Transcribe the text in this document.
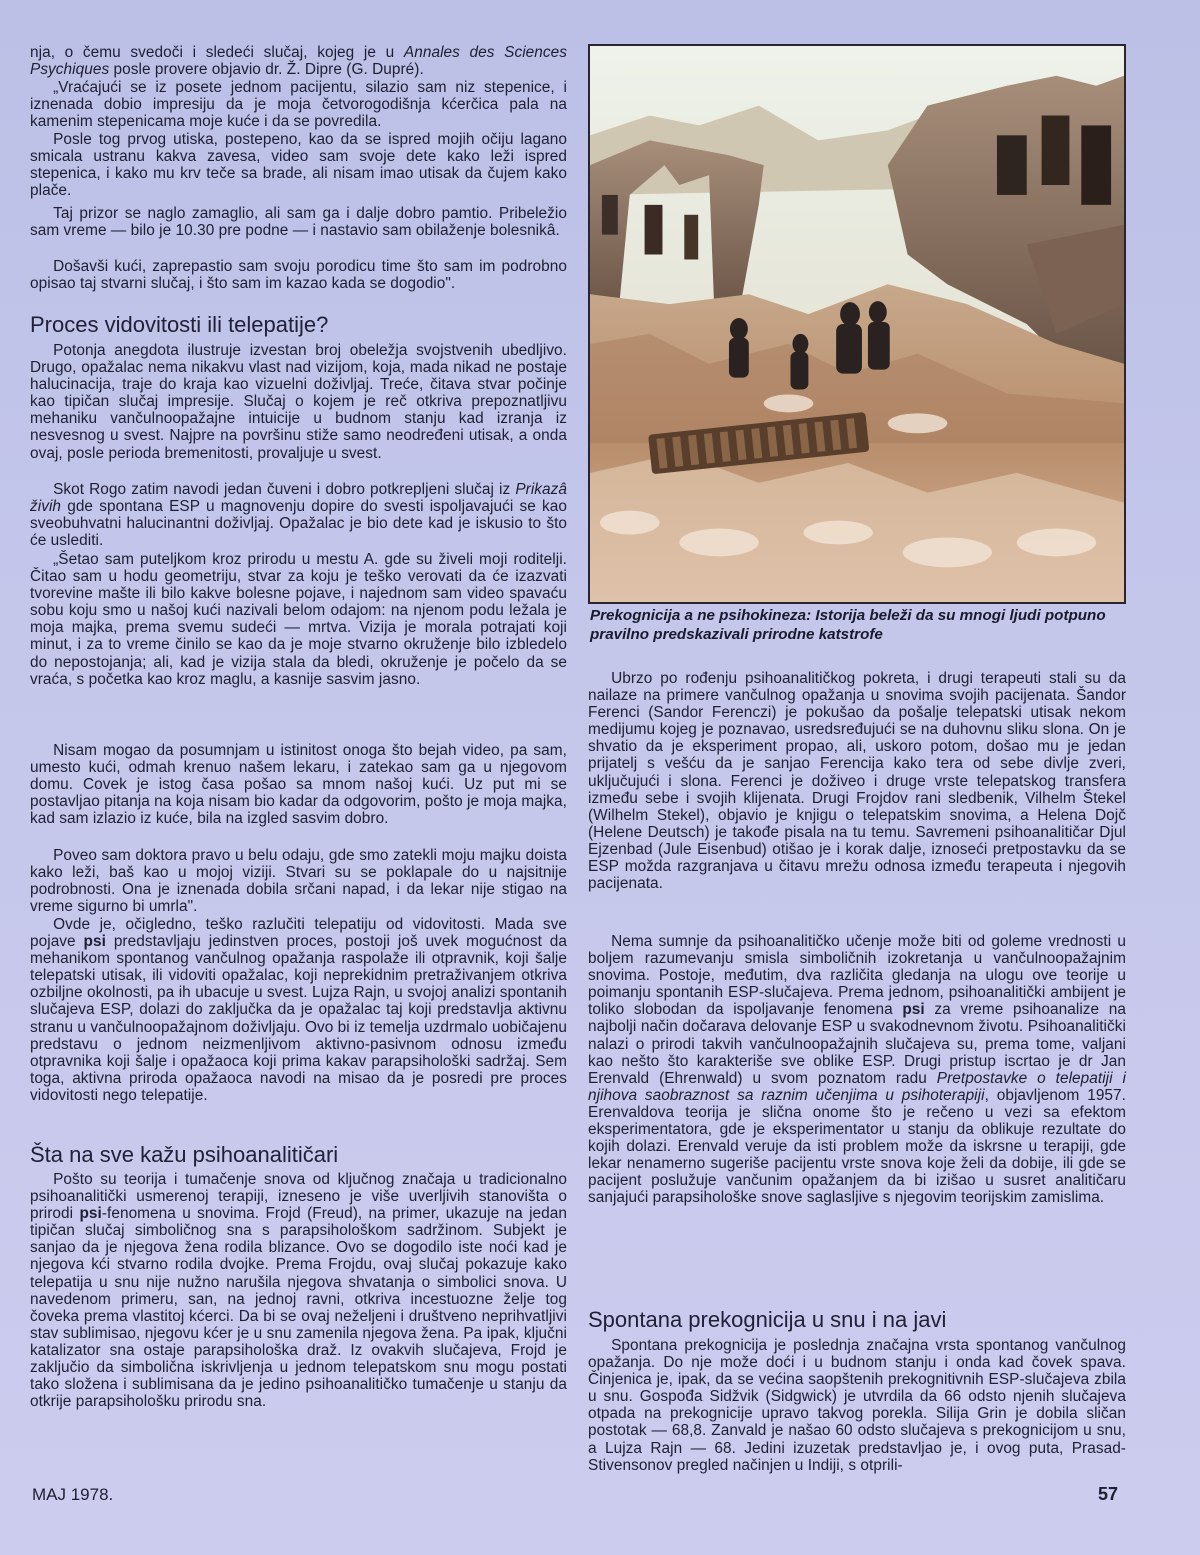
nja, o čemu svedoči i sledeći slučaj, kojeg je u Annales des Sciences Psychiques posle provere objavio dr. Ž. Dipre (G. Dupré).

„Vraćajući se iz posete jednom pacijentu, silazio sam niz stepenice, i iznenada dobio impresiju da je moja četvorogodišnja kćerčica pala na kamenim stepenicama moje kuće i da se povredila.

Posle tog prvog utiska, postepeno, kao da se ispred mojih očiju lagano smicala ustranu kakva zavesa, video sam svoje dete kako leži ispred stepenica, i kako mu krv teče sa brade, ali nisam imao utisak da čujem kako plače.

Taj prizor se naglo zamaglio, ali sam ga i dalje dobro pamtio. Pribeležio sam vreme — bilo je 10.30 pre podne — i nastavio sam obilaženje bolesnikâ.

Došavši kući, zaprepastio sam svoju porodicu time što sam im podrobno opisao taj stvarni slučaj, i što sam im kazao kada se dogodio".

Proces vidovitosti ili telepatije?

Potonja anegdota ilustruje izvestan broj obeležja svojstvenih ubedljivo. Drugo, opažalac nema nikakvu vlast nad vizijom, koja, mada nikad ne postaje halucinacija, traje do kraja kao vizuelni doživljaj. Treće, čitava stvar počinje kao tipičan slučaj impresije. Slučaj o kojem je reč otkriva prepoznatljivu mehaniku vančulnoopažajne intuicije u budnom stanju kad izranja iz nesvesnog u svest. Najpre na površinu stiže samo neodređeni utisak, a onda ovaj, posle perioda bremenitosti, provaljuje u svest.

Skot Rogo zatim navodi jedan čuveni i dobro potkrepljeni slučaj iz Prikazâ živih gde spontana ESP u magnovenju dopire do svesti ispoljavajući se kao sveobuhvatni halucinantni doživljaj. Opažalac je bio dete kad je iskusio to što će uslediti.

„Šetao sam puteljkom kroz prirodu u mestu A. gde su živeli moji roditelji. Čitao sam u hodu geometriju, stvar za koju je teško verovati da će izazvati tvorevine mašte ili bilo kakve bolesne pojave, i najednom sam video spavaću sobu koju smo u našoj kući nazivali belom odajom: na njenom podu ležala je moja majka, prema svemu sudeći — mrtva. Vizija je morala potrajati koji minut, i za to vreme činilo se kao da je moje stvarno okruženje bilo izbledelo do nepostojanja; ali, kad je vizija stala da bledi, okruženje je počelo da se vraća, s početka kao kroz maglu, a kasnije sasvim jasno.

Nisam mogao da posumnjam u istinitost onoga što bejah video, pa sam, umesto kući, odmah krenuo našem lekaru, i zatekao sam ga u njegovom domu. Covek je istog časa pošao sa mnom našoj kući. Uz put mi se postavljao pitanja na koja nisam bio kadar da odgovorim, pošto je moja majka, kad sam izlazio iz kuće, bila na izgled sasvim dobro.

Poveo sam doktora pravo u belu odaju, gde smo zatekli moju majku doista kako leži, baš kao u mojoj viziji. Stvari su se poklapale do u najsitnije podrobnosti. Ona je iznenada dobila srčani napad, i da lekar nije stigao na vreme sigurno bi umrla".

Ovde je, očigledno, teško razlučiti telepatiju od vidovitosti. Mada sve pojave psi predstavljaju jedinstven proces, postoji još uvek mogućnost da mehanikom spontanog vančulnog opažanja raspolaže ili otpravnik, koji šalje telepatski utisak, ili vidoviti opažalac, koji neprekidnim pretraživanjem otkriva ozbiljne okolnosti, pa ih ubacuje u svest. Lujza Rajn, u svojoj analizi spontanih slučajeva ESP, dolazi do zaključka da je opažalac taj koji predstavlja aktivnu stranu u vančulnoopažajnom doživljaju. Ovo bi iz temelja uzdrmalo uobičajenu predstavu o jednom neizmenljivom aktivno-pasivnom odnosu između otpravnika koji šalje i opažaoca koji prima kakav parapsihološki sadržaj. Sem toga, aktivna priroda opažaoca navodi na misao da je posredi pre proces vidovitosti nego telepatije.

Šta na sve kažu psihoanalitičari

Pošto su teorija i tumačenje snova od ključnog značaja u tradicionalno psihoanalitički usmerenoj terapiji, izneseno je više uverljivih stanovišta o prirodi psi-fenomena u snovima. Frojd (Freud), na primer, ukazuje na jedan tipičan slučaj simboličnog sna s parapsihološkom sadržinom. Subjekt je sanjao da je njegova žena rodila blizance. Ovo se dogodilo iste noći kad je njegova kći stvarno rodila dvojke. Prema Frojdu, ovaj slučaj pokazuje kako telepatija u snu nije nužno narušila njegova shvatanja o simbolici snova. U navedenom primeru, san, na jednoj ravni, otkriva incestuozne želje tog čoveka prema vlastitoj kćerci. Da bi se ovaj neželjeni i društveno neprihvatljivi stav sublimisao, njegovu kćer je u snu zamenila njegova žena. Pa ipak, ključni katalizator sna ostaje parapsihološka draž. Iz ovakvih slučajeva, Frojd je zaključio da simbolična iskrivljenja u jednom telepatskom snu mogu postati tako složena i sublimisana da je jedino psihoanalitičko tumačenje u stanju da otkrije parapsihološku prirodu sna.

Prekognicija a ne psihokineza: Istorija beleži da su mnogi ljudi potpuno pravilno predskazivali prirodne katstrofe

Ubrzo po rođenju psihoanalitičkog pokreta, i drugi terapeuti stali su da nailaze na primere vančulnog opažanja u snovima svojih pacijenata. Šandor Ferenci (Sandor Ferenczi) je pokušao da pošalje telepatski utisak nekom medijumu kojeg je poznavao, usredsređujući se na duhovnu sliku slona. On je shvatio da je eksperiment propao, ali, uskoro potom, došao mu je jedan prijatelj s vešću da je sanjao Ferencija kako tera od sebe divlje zveri, uključujući i slona. Ferenci je doživeo i druge vrste telepatskog transfera između sebe i svojih klijenata. Drugi Frojdov rani sledbenik, Vilhelm Štekel (Wilhelm Stekel), objavio je knjigu o telepatskim snovima, a Helena Dojč (Helene Deutsch) je takođe pisala na tu temu. Savremeni psihoanalitičar Djul Ejzenbad (Jule Eisenbud) otišao je i korak dalje, iznoseći pretpostavku da se ESP možda razgranjava u čitavu mrežu odnosa između terapeuta i njegovih pacijenata.

Nema sumnje da psihoanalitičko učenje može biti od goleme vrednosti u boljem razumevanju smisla simboličnih izokretanja u vančulnoopažajnim snovima. Postoje, međutim, dva različita gledanja na ulogu ove teorije u poimanju spontanih ESP-slučajeva. Prema jednom, psihoanalitički ambijent je toliko slobodan da ispoljavanje fenomena psi za vreme psihoanalize na najbolji način dočarava delovanje ESP u svakodnevnom životu. Psihoanalitički nalazi o prirodi takvih vančulnoopažajnih slučajeva su, prema tome, valjani kao nešto što karakteriše sve oblike ESP. Drugi pristup iscrtao je dr Jan Erenvald (Ehrenwald) u svom poznatom radu Pretpostavke o telepatiji i njihova saobraznost sa raznim učenjima u psihoterapiji, objavljenom 1957. Erenvaldova teorija je slična onome što je rečeno u vezi sa efektom eksperimentatora, gde je eksperimentator u stanju da oblikuje rezultate do kojih dolazi. Erenvald veruje da isti problem može da iskrsne u terapiji, gde lekar nenamerno sugeriše pacijentu vrste snova koje želi da dobije, ili gde se pacijent poslužuje vančunim opažanjem da bi izišao u susret analitičaru sanjajući parapsihološke snove saglasljive s njegovim teorijskim zamislima.

Spontana prekognicija u snu i na javi

Spontana prekognicija je poslednja značajna vrsta spontanog vančulnog opažanja. Do nje može doći i u budnom stanju i onda kad čovek spava. Činjenica je, ipak, da se većina saopštenih prekognitivnih ESP-slučajeva zbila u snu. Gospođa Sidžvik (Sidgwick) je utvrdila da 66 odsto njenih slučajeva otpada na prekognicije upravo takvog porekla. Silija Grin je dobila sličan postotak — 68,8. Zanvald je našao 60 odsto slučajeva s prekognicijom u snu, a Lujza Rajn — 68. Jedini izuzetak predstavljao je, i ovog puta, Prasad-Stivensonov pregled načinjen u Indiji, s otprili-

MAJ 1978.	57
